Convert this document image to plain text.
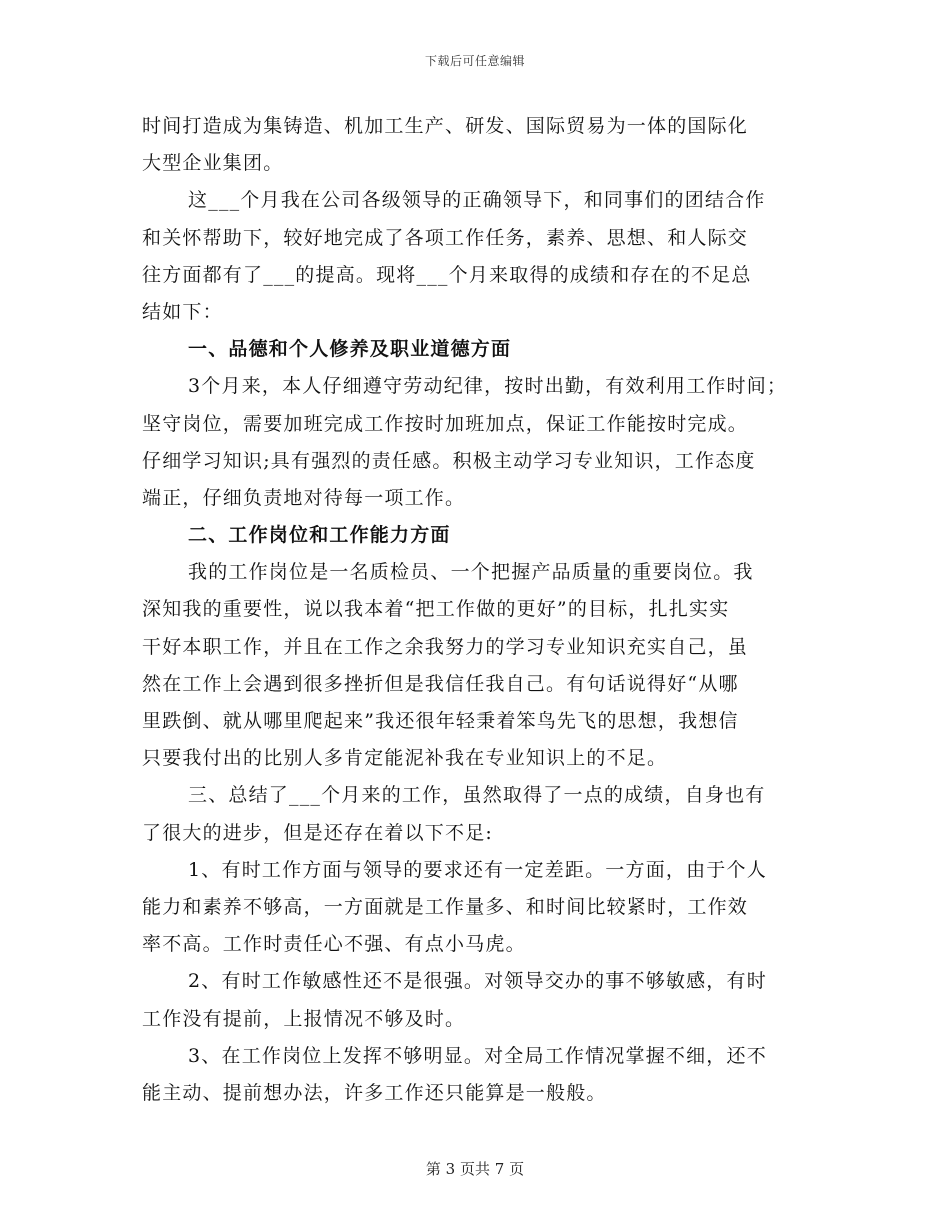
下载后可任意编辑
时间打造成为集铸造、机加工生产、研发、国际贸易为一体的国际化
大型企业集团。
这___个月我在公司各级领导的正确领导下，和同事们的团结合作
和关怀帮助下，较好地完成了各项工作任务，素养、思想、和人际交
往方面都有了___的提高。现将___个月来取得的成绩和存在的不足总
结如下：
一、品德和个人修养及职业道德方面
3个月来，本人仔细遵守劳动纪律，按时出勤，有效利用工作时间；
坚守岗位，需要加班完成工作按时加班加点，保证工作能按时完成。
仔细学习知识;具有强烈的责任感。积极主动学习专业知识，工作态度
端正，仔细负责地对待每一项工作。
二、工作岗位和工作能力方面
我的工作岗位是一名质检员、一个把握产品质量的重要岗位。我
深知我的重要性，说以我本着“把工作做的更好”的目标，扎扎实实
干好本职工作，并且在工作之余我努力的学习专业知识充实自己，虽
然在工作上会遇到很多挫折但是我信任我自己。有句话说得好“从哪
里跌倒、就从哪里爬起来”我还很年轻秉着笨鸟先飞的思想，我想信
只要我付出的比别人多肯定能泥补我在专业知识上的不足。
三、总结了___个月来的工作，虽然取得了一点的成绩，自身也有
了很大的进步，但是还存在着以下不足:
1、有时工作方面与领导的要求还有一定差距。一方面，由于个人
能力和素养不够高，一方面就是工作量多、和时间比较紧时，工作效
率不高。工作时责任心不强、有点小马虎。
2、有时工作敏感性还不是很强。对领导交办的事不够敏感，有时
工作没有提前，上报情况不够及时。
3、在工作岗位上发挥不够明显。对全局工作情况掌握不细，还不
能主动、提前想办法，许多工作还只能算是一般般。
第 3 页共 7 页
